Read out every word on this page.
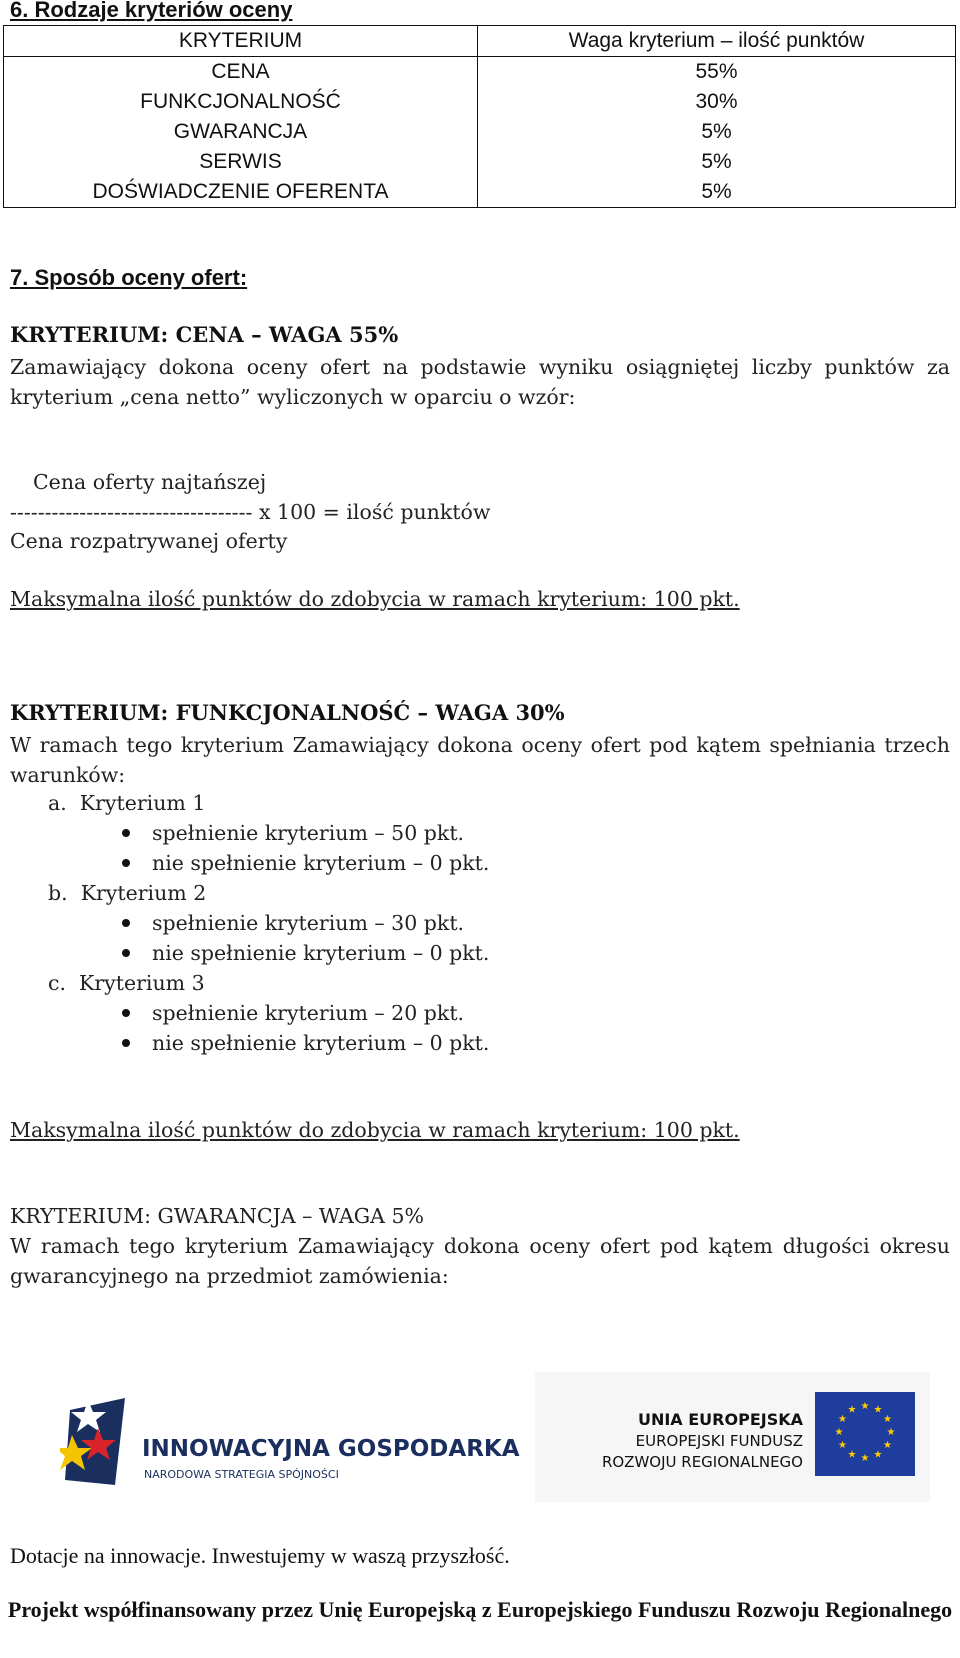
6. Rodzaje kryteriów oceny
KRYTERIUM	Waga kryterium – ilość punktów
CENA	55%
FUNKCJONALNOŚĆ	30%
GWARANCJA	5%
SERWIS	5%
DOŚWIADCZENIE OFERENTA	5%
7. Sposób oceny ofert:
KRYTERIUM: CENA – WAGA 55%
Zamawiający dokona oceny ofert na podstawie wyniku osiągniętej liczby punktów za kryterium „cena netto” wyliczonych w oparciu o wzór:
Cena oferty najtańszej
----------------------------------- x 100 = ilość punktów
Cena rozpatrywanej oferty
Maksymalna ilość punktów do zdobycia w ramach kryterium: 100 pkt.
KRYTERIUM: FUNKCJONALNOŚĆ – WAGA 30%
W ramach tego kryterium Zamawiający dokona oceny ofert pod kątem spełniania trzech warunków:
a. Kryterium 1
spełnienie kryterium – 50 pkt.
nie spełnienie kryterium – 0 pkt.
b. Kryterium 2
spełnienie kryterium – 30 pkt.
nie spełnienie kryterium – 0 pkt.
c. Kryterium 3
spełnienie kryterium – 20 pkt.
nie spełnienie kryterium – 0 pkt.
Maksymalna ilość punktów do zdobycia w ramach kryterium: 100 pkt.
KRYTERIUM: GWARANCJA – WAGA 5%
W ramach tego kryterium Zamawiający dokona oceny ofert pod kątem długości okresu gwarancyjnego na przedmiot zamówienia:
INNOWACYJNA GOSPODARKA
NARODOWA STRATEGIA SPÓJNOŚCI
UNIA EUROPEJSKA
EUROPEJSKI FUNDUSZ
ROZWOJU REGIONALNEGO
★ ★
★
★
★
★
★
★
★
★
★
★
Dotacje na innowacje. Inwestujemy w waszą przyszłość.
Projekt współfinansowany przez Unię Europejską z Europejskiego Funduszu Rozwoju Regionalnego
